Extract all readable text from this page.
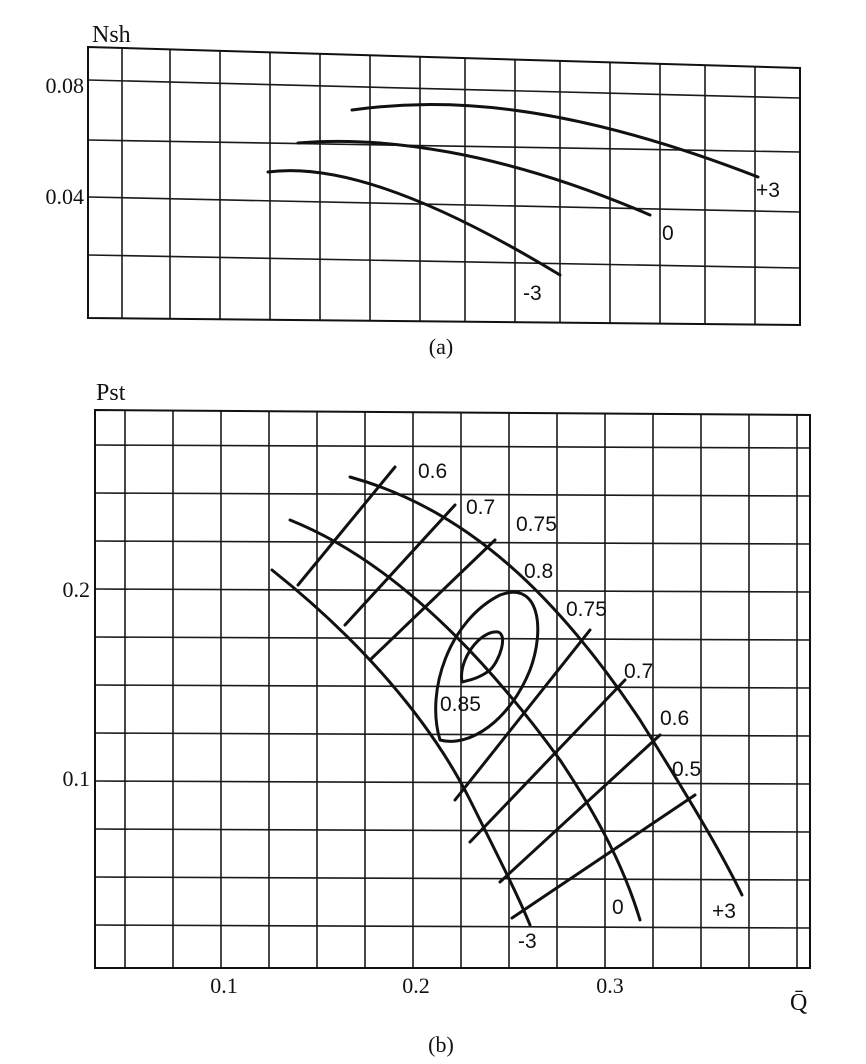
Nsh
0.08
0.04	+3
0
-3
(a)
Pst
0.2
0.1
0.1	0.2	0.3
Q̄
-3
0	+3
0.6
0.7
0.75
0.8
0.75
0.7
0.6
0.5
0.85
(b)
